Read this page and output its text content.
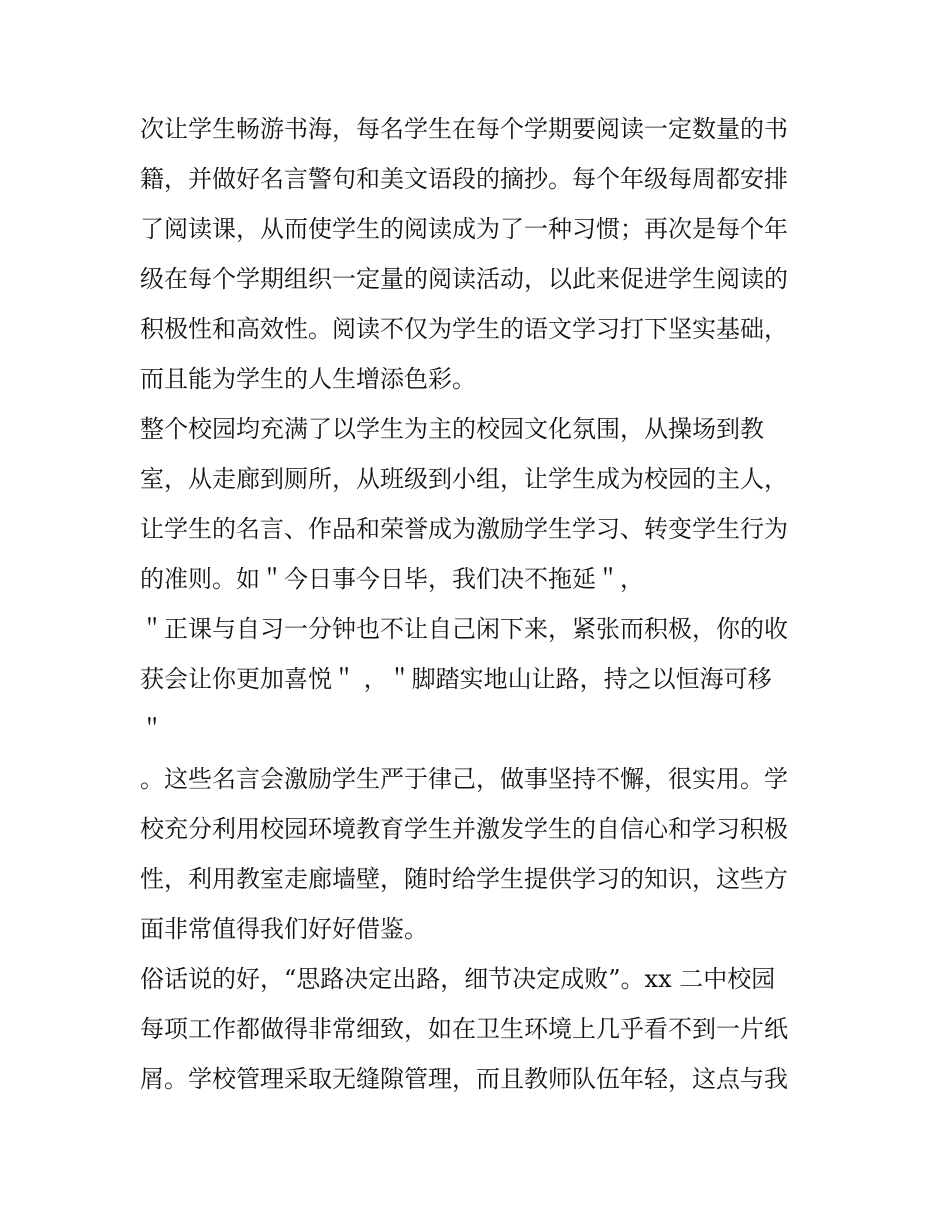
次让学生畅游书海，每名学生在每个学期要阅读一定数量的书
籍，并做好名言警句和美文语段的摘抄。每个年级每周都安排
了阅读课，从而使学生的阅读成为了一种习惯；再次是每个年
级在每个学期组织一定量的阅读活动，以此来促进学生阅读的
积极性和高效性。阅读不仅为学生的语文学习打下坚实基础，
而且能为学生的人生增添色彩。
整个校园均充满了以学生为主的校园文化氛围，从操场到教
室，从走廊到厕所，从班级到小组，让学生成为校园的主人，
让学生的名言、作品和荣誉成为激励学生学习、转变学生行为
的准则。如＂今日事今日毕，我们决不拖延＂，
＂正课与自习一分钟也不让自己闲下来，紧张而积极，你的收
获会让你更加喜悦＂ ，＂脚踏实地山让路，持之以恒海可移
＂
。这些名言会激励学生严于律己，做事坚持不懈，很实用。学
校充分利用校园环境教育学生并激发学生的自信心和学习积极
性，利用教室走廊墙壁，随时给学生提供学习的知识，这些方
面非常值得我们好好借鉴。
俗话说的好，“思路决定出路，细节决定成败”。xx 二中校园
每项工作都做得非常细致，如在卫生环境上几乎看不到一片纸
屑。学校管理采取无缝隙管理，而且教师队伍年轻，这点与我
